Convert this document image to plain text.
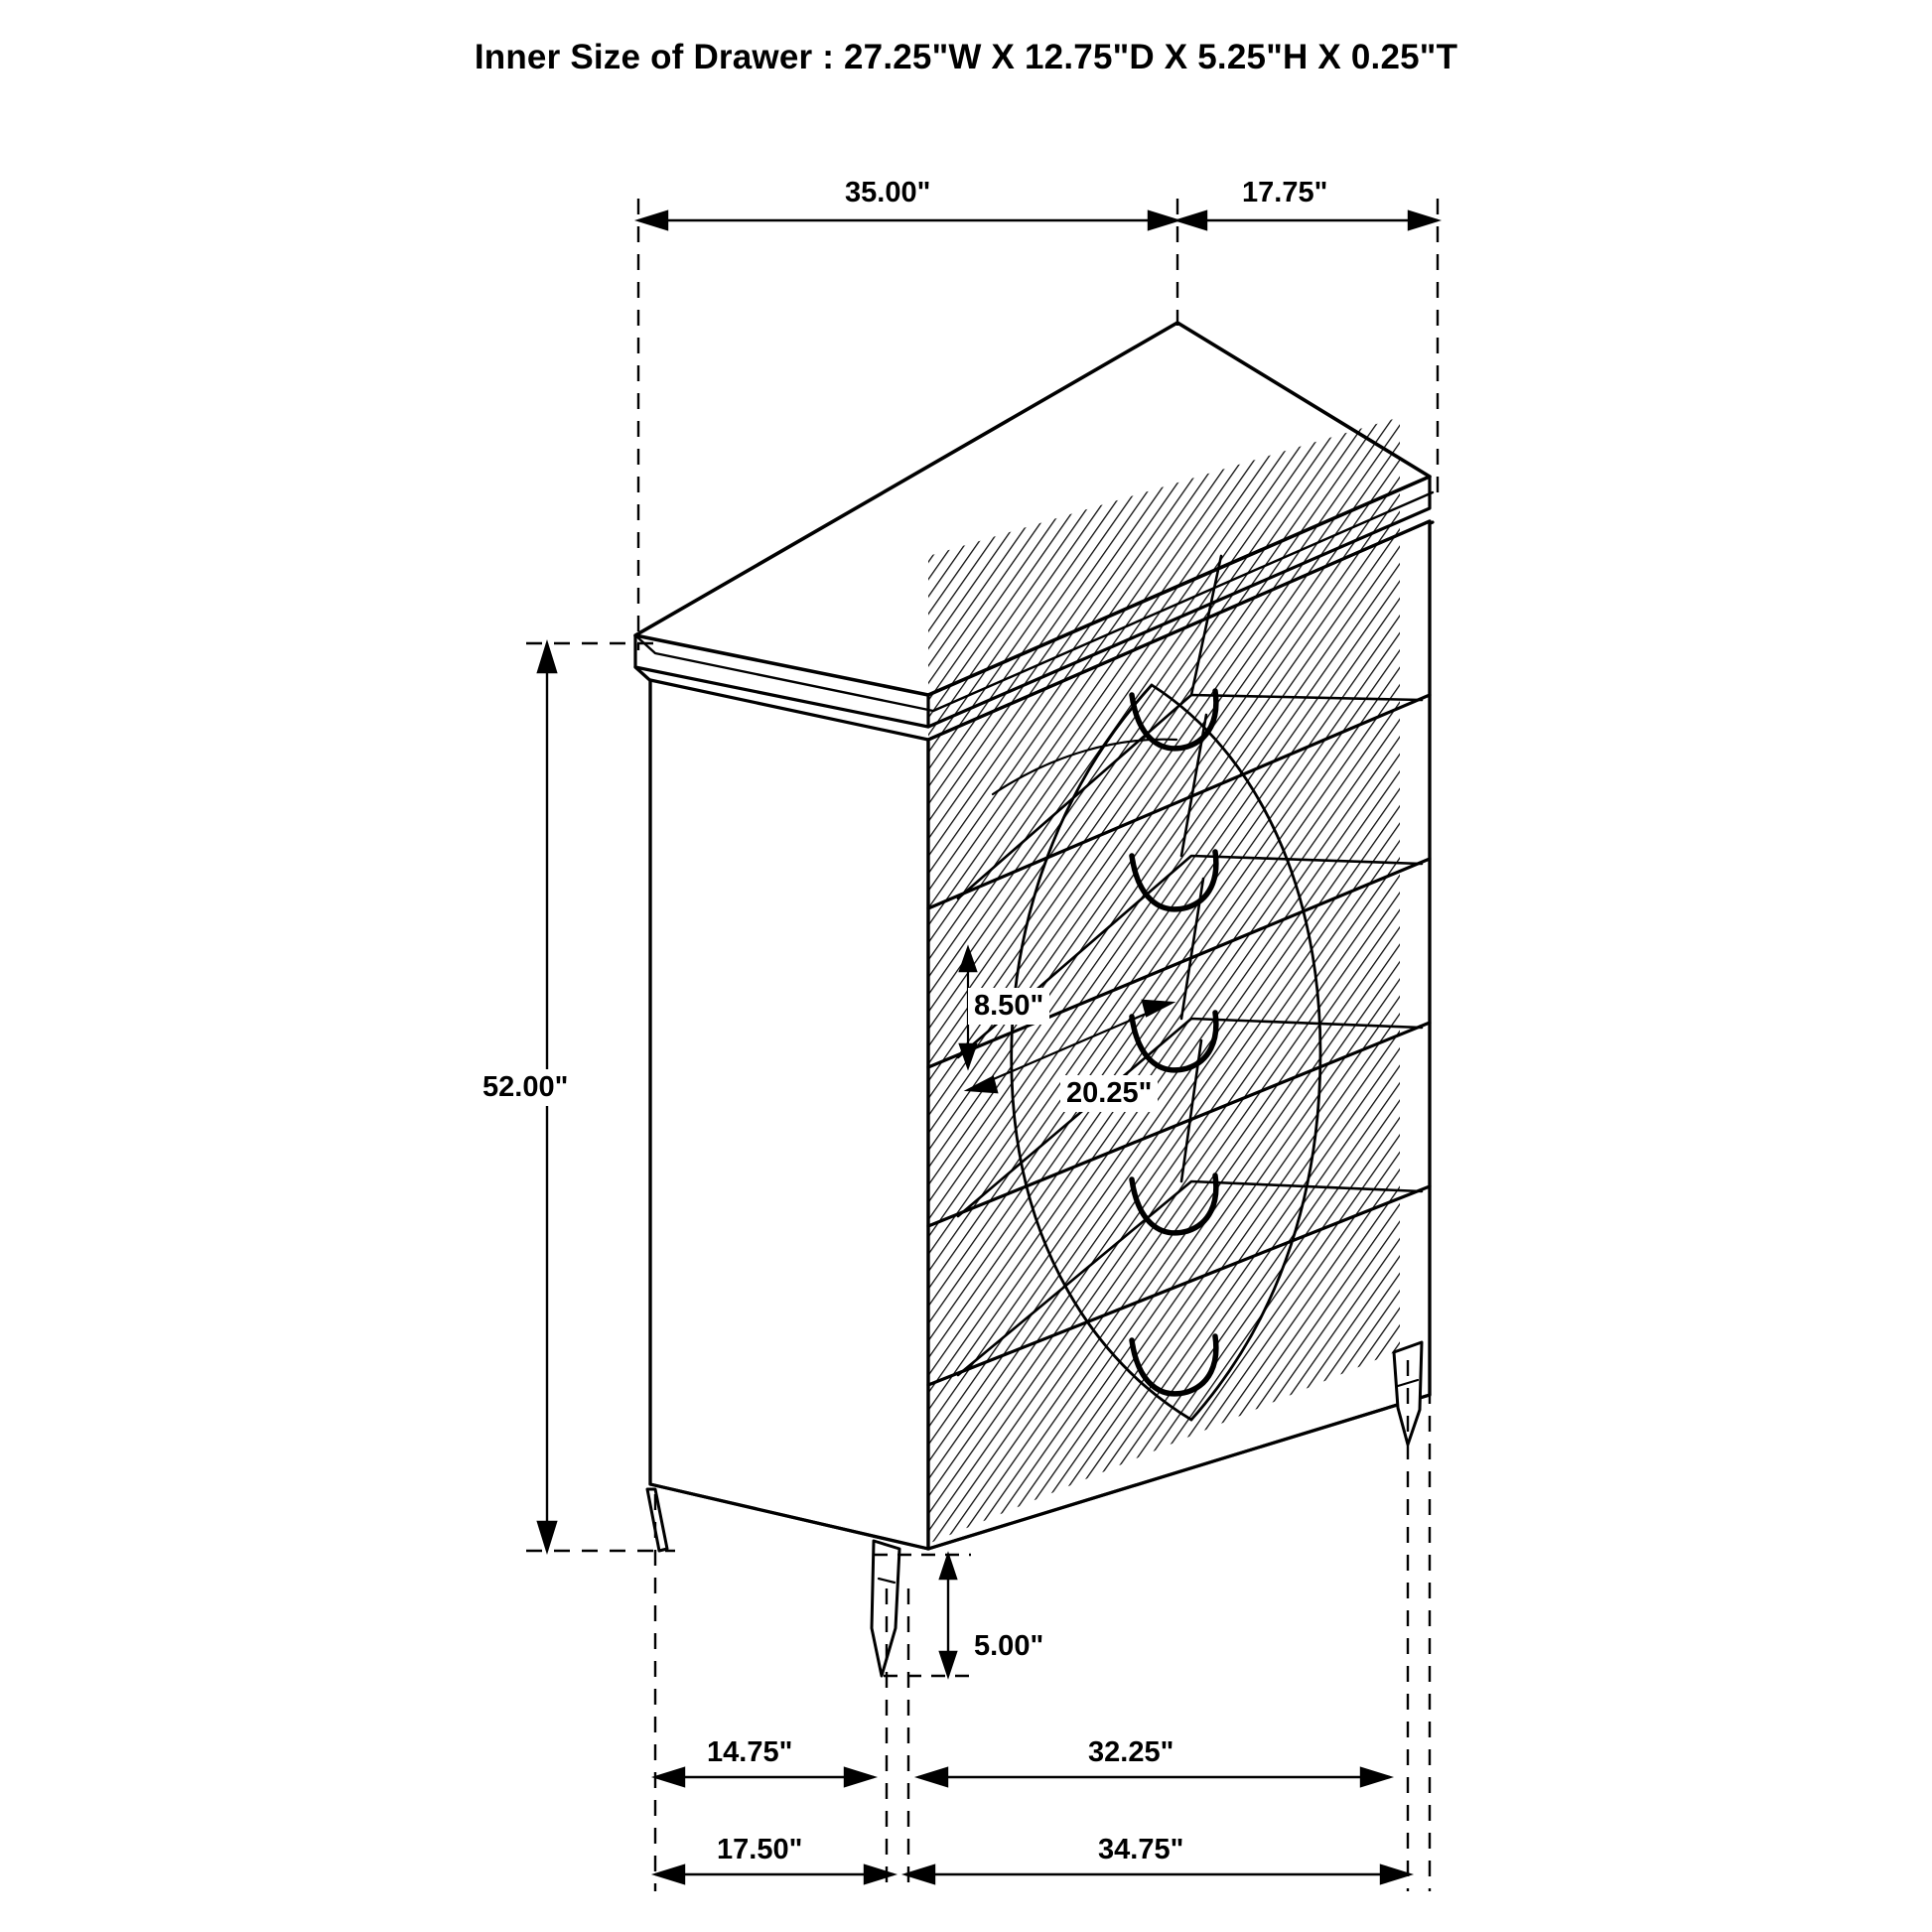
Inner Size of Drawer : 27.25"W X 12.75"D X 5.25"H X 0.25"T
35.00"	17.75"
52.00"
8.50"
20.25"
5.00"
14.75"	32.25"
17.50"	34.75"
